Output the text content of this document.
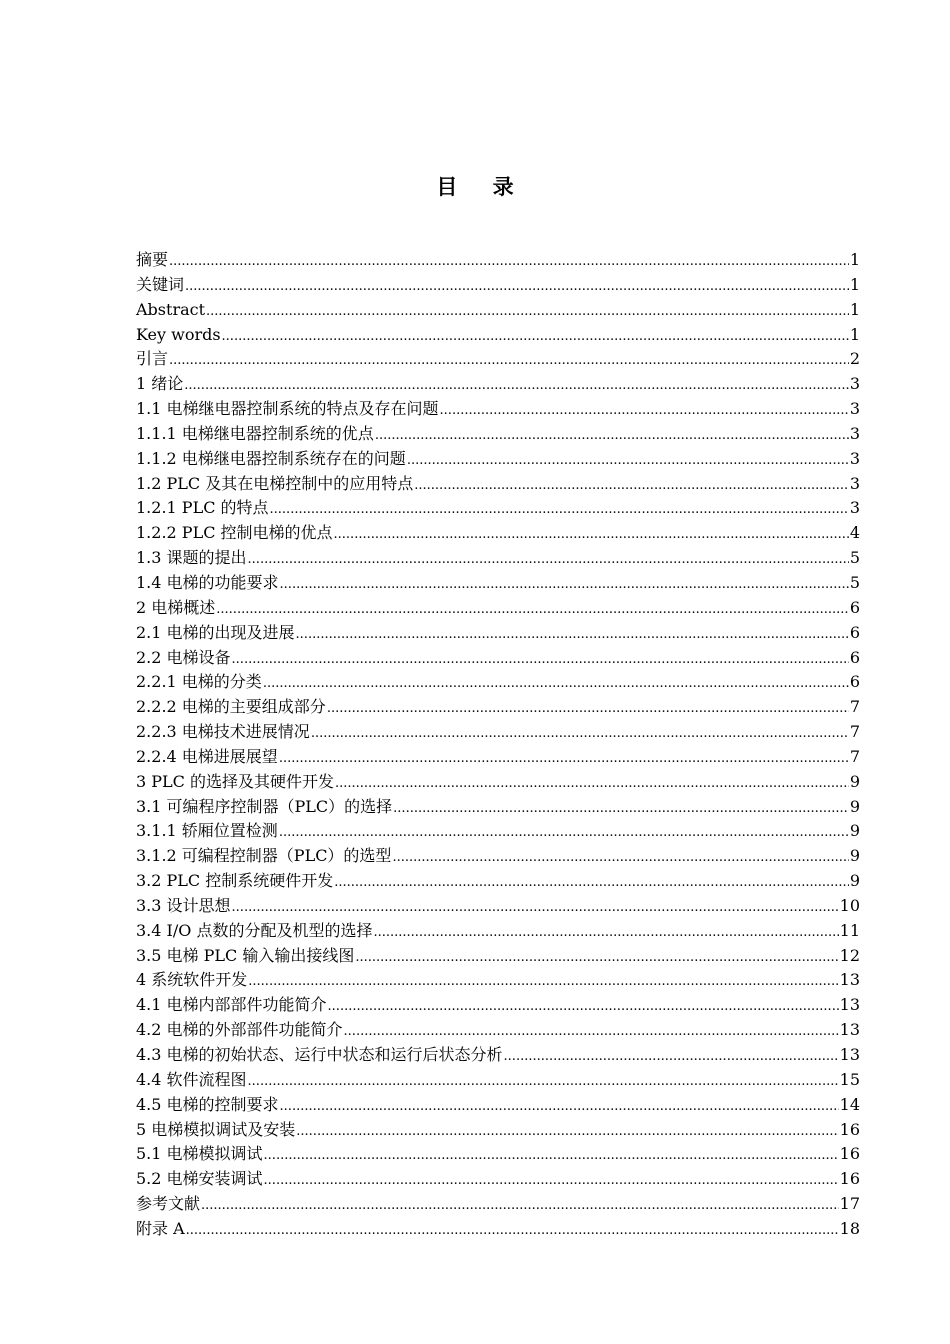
目 录
摘要 .....	1
关键词 .....	1
Abstract .....	1
Key words .....	1
引言 .....	2
1 绪论 .....	3
1.1 电梯继电器控制系统的特点及存在问题 .....	3
1.1.1 电梯继电器控制系统的优点 .....	3
1.1.2 电梯继电器控制系统存在的问题 .....	3
1.2 PLC 及其在电梯控制中的应用特点 .....	3
1.2.1 PLC 的特点 .....	3
1.2.2 PLC 控制电梯的优点 .....	4
1.3 课题的提出 .....	5
1.4 电梯的功能要求 .....	5
2 电梯概述 .....	6
2.1 电梯的出现及进展 .....	6
2.2 电梯设备 .....	6
2.2.1 电梯的分类 .....	6
2.2.2 电梯的主要组成部分 .....	7
2.2.3 电梯技术进展情况 .....	7
2.2.4 电梯进展展望 .....	7
3 PLC 的选择及其硬件开发 .....	9
3.1 可编程序控制器（PLC）的选择 .....	9
3.1.1 轿厢位置检测 .....	9
3.1.2 可编程控制器（PLC）的选型 .....	9
3.2 PLC 控制系统硬件开发 .....	9
3.3 设计思想 .....	10
3.4 I/O 点数的分配及机型的选择 .....	11
3.5 电梯 PLC 输入输出接线图 .....	12
4 系统软件开发 .....	13
4.1 电梯内部部件功能简介 .....	13
4.2 电梯的外部部件功能简介 .....	13
4.3 电梯的初始状态、运行中状态和运行后状态分析 .....	13
4.4 软件流程图 .....	15
4.5 电梯的控制要求 .....	14
5 电梯模拟调试及安装 .....	16
5.1 电梯模拟调试 .....	16
5.2 电梯安装调试 .....	16
参考文献 .....	17
附录 A .....	18
